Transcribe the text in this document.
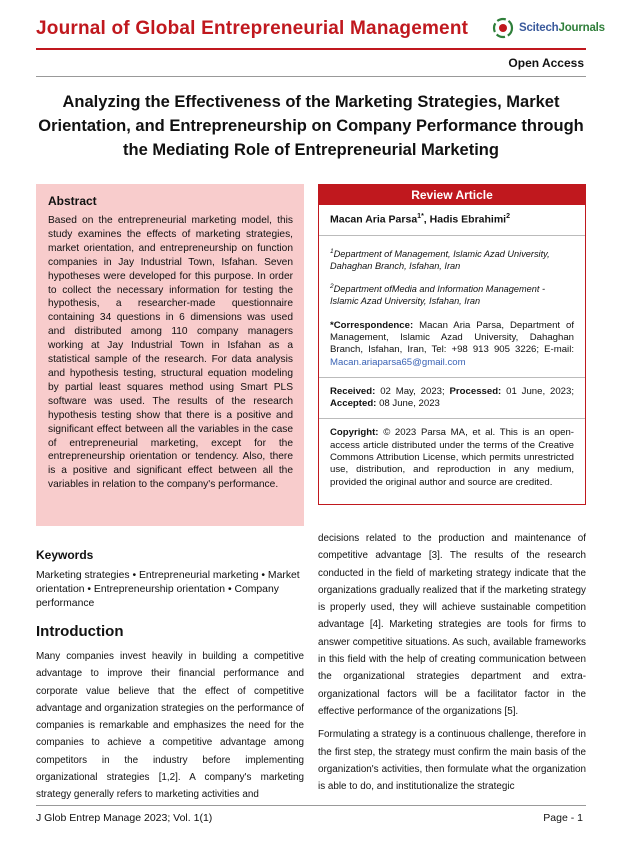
Journal of Global Entrepreneurial Management	ScitechJournals
Open Access
Analyzing the Effectiveness of the Marketing Strategies, Market Orientation, and Entrepreneurship on Company Performance through the Mediating Role of Entrepreneurial Marketing
Abstract

Based on the entrepreneurial marketing model, this study examines the effects of marketing strategies, market orientation, and entrepreneurship on function companies in Jay Industrial Town, Isfahan. Seven hypotheses were developed for this purpose. In order to collect the necessary information for testing the hypothesis, a researcher-made questionnaire containing 34 questions in 6 dimensions was used and distributed among 110 company managers working at Jay Industrial Town in Isfahan as a statistical sample of the research. For data analysis and hypothesis testing, structural equation modeling by partial least squares method using Smart PLS software was used. The results of the research hypothesis testing show that there is a positive and significant effect between all the variables in the case of entrepreneurial marketing, except for the entrepreneurship orientation or tendency. Also, there is a positive and significant effect between all the variables in relation to the company's performance.

Keywords
Marketing strategies • Entrepreneurial marketing • Market orientation • Entrepreneurship orientation • Company performance
Introduction

Many companies invest heavily in building a competitive advantage to improve their financial performance and corporate value believe that the effect of competitive advantage and organization strategies on the performance of companies is remarkable and emphasizes the need for the companies to achieve a competitive advantage among competitors in the industry before implementing organizational strategies [1,2]. A company's marketing strategy generally refers to marketing activities and

Review Article
Macan Aria Parsa$^{1*}$, Hadis Ebrahimi$^2$
$^1$Department of Management, Islamic Azad University, Dahaghan Branch, Isfahan, Iran
$^2$Department ofMedia and Information Management - Islamic Azad University, Isfahan, Iran
*Correspondence: Macan Aria Parsa, Department of Management, Islamic Azad University, Dahaghan Branch, Isfahan, Iran, Tel: +98 913 905 3226; E-mail: Macan.ariaparsa65@gmail.com
Received: 02 May, 2023; Processed: 01 June, 2023; Accepted: 08 June, 2023
Copyright: © 2023 Parsa MA, et al. This is an open-access article distributed under the terms of the Creative Commons Attribution License, which permits unrestricted use, distribution, and reproduction in any medium, provided the original author and source are credited.

decisions related to the production and maintenance of competitive advantage [3]. The results of the research conducted in the field of marketing strategy indicate that the organizations gradually realized that if the marketing strategy is properly used, they will achieve sustainable competition advantage [4]. Marketing strategies are tools for firms to answer competitive situations. As such, available frameworks in this field with the help of creating communication between the organizational strategies department and extra-organizational factors will be a facilitator factor in the effective performance of the organizations [5].

Formulating a strategy is a continuous challenge, therefore in the first step, the strategy must confirm the main basis of the organization's activities, then formulate what the organization is able to do, and institutionalize the strategic

J Glob Entrep Manage 2023; Vol. 1(1)	Page - 1
